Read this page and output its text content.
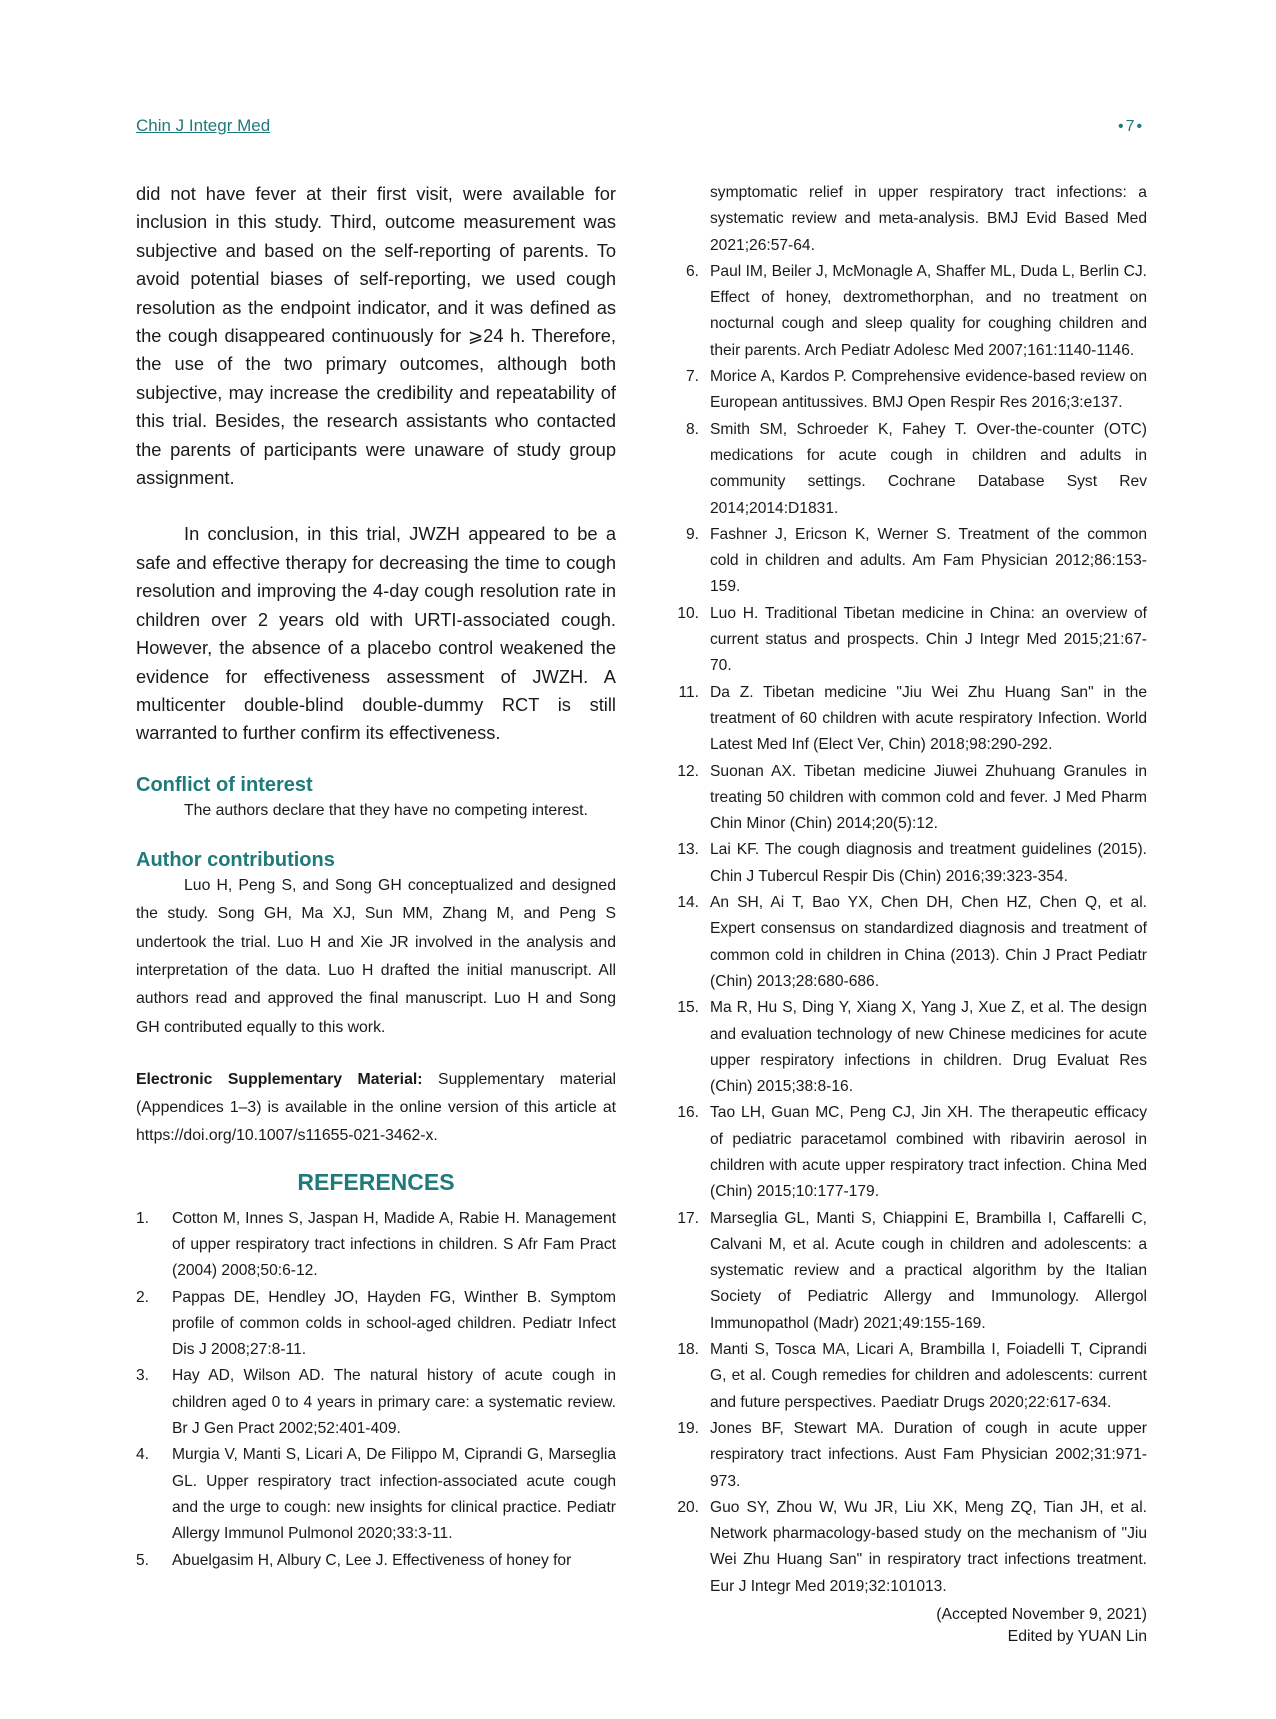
Chin J Integr Med	•7•

did not have fever at their first visit, were available for inclusion in this study. Third, outcome measurement was subjective and based on the self-reporting of parents. To avoid potential biases of self-reporting, we used cough resolution as the endpoint indicator, and it was defined as the cough disappeared continuously for ⩾24 h. Therefore, the use of the two primary outcomes, although both subjective, may increase the credibility and repeatability of this trial. Besides, the research assistants who contacted the parents of participants were unaware of study group assignment.

In conclusion, in this trial, JWZH appeared to be a safe and effective therapy for decreasing the time to cough resolution and improving the 4-day cough resolution rate in children over 2 years old with URTI-associated cough. However, the absence of a placebo control weakened the evidence for effectiveness assessment of JWZH. A multicenter double-blind double-dummy RCT is still warranted to further confirm its effectiveness.

Conflict of interest

The authors declare that they have no competing interest.

Author contributions

Luo H, Peng S, and Song GH conceptualized and designed the study. Song GH, Ma XJ, Sun MM, Zhang M, and Peng S undertook the trial. Luo H and Xie JR involved in the analysis and interpretation of the data. Luo H drafted the initial manuscript. All authors read and approved the final manuscript. Luo H and Song GH contributed equally to this work.

Electronic Supplementary Material: Supplementary material (Appendices 1–3) is available in the online version of this article at https://doi.org/10.1007/s11655-021-3462-x.

REFERENCES
1.	Cotton M, Innes S, Jaspan H, Madide A, Rabie H. Management of upper respiratory tract infections in children. S Afr Fam Pract (2004) 2008;50:6-12.
2.	Pappas DE, Hendley JO, Hayden FG, Winther B. Symptom profile of common colds in school-aged children. Pediatr Infect Dis J 2008;27:8-11.
3.	Hay AD, Wilson AD. The natural history of acute cough in children aged 0 to 4 years in primary care: a systematic review. Br J Gen Pract 2002;52:401-409.
4.	Murgia V, Manti S, Licari A, De Filippo M, Ciprandi G, Marseglia GL. Upper respiratory tract infection-associated acute cough and the urge to cough: new insights for clinical practice. Pediatr Allergy Immunol Pulmonol 2020;33:3-11.
5.	Abuelgasim H, Albury C, Lee J. Effectiveness of honey for
symptomatic relief in upper respiratory tract infections: a systematic review and meta-analysis. BMJ Evid Based Med 2021;26:57-64.
6. Paul IM, Beiler J, McMonagle A, Shaffer ML, Duda L, Berlin CJ. Effect of honey, dextromethorphan, and no treatment on nocturnal cough and sleep quality for coughing children and their parents. Arch Pediatr Adolesc Med 2007;161:1140-1146.
7. Morice A, Kardos P. Comprehensive evidence-based review on European antitussives. BMJ Open Respir Res 2016;3:e137.
8. Smith SM, Schroeder K, Fahey T. Over-the-counter (OTC) medications for acute cough in children and adults in community settings. Cochrane Database Syst Rev 2014;2014:D1831.
9. Fashner J, Ericson K, Werner S. Treatment of the common cold in children and adults. Am Fam Physician 2012;86:153-159.
10. Luo H. Traditional Tibetan medicine in China: an overview of current status and prospects. Chin J Integr Med 2015;21:67-70.
11. Da Z. Tibetan medicine "Jiu Wei Zhu Huang San" in the treatment of 60 children with acute respiratory Infection. World Latest Med Inf (Elect Ver, Chin) 2018;98:290-292.
12. Suonan AX. Tibetan medicine Jiuwei Zhuhuang Granules in treating 50 children with common cold and fever. J Med Pharm Chin Minor (Chin) 2014;20(5):12.
13. Lai KF. The cough diagnosis and treatment guidelines (2015). Chin J Tubercul Respir Dis (Chin) 2016;39:323-354.
14. An SH, Ai T, Bao YX, Chen DH, Chen HZ, Chen Q, et al. Expert consensus on standardized diagnosis and treatment of common cold in children in China (2013). Chin J Pract Pediatr (Chin) 2013;28:680-686.
15. Ma R, Hu S, Ding Y, Xiang X, Yang J, Xue Z, et al. The design and evaluation technology of new Chinese medicines for acute upper respiratory infections in children. Drug Evaluat Res (Chin) 2015;38:8-16.
16. Tao LH, Guan MC, Peng CJ, Jin XH. The therapeutic efficacy of pediatric paracetamol combined with ribavirin aerosol in children with acute upper respiratory tract infection. China Med (Chin) 2015;10:177-179.
17. Marseglia GL, Manti S, Chiappini E, Brambilla I, Caffarelli C, Calvani M, et al. Acute cough in children and adolescents: a systematic review and a practical algorithm by the Italian Society of Pediatric Allergy and Immunology. Allergol Immunopathol (Madr) 2021;49:155-169.
18. Manti S, Tosca MA, Licari A, Brambilla I, Foiadelli T, Ciprandi G, et al. Cough remedies for children and adolescents: current and future perspectives. Paediatr Drugs 2020;22:617-634.
19. Jones BF, Stewart MA. Duration of cough in acute upper respiratory tract infections. Aust Fam Physician 2002;31:971-973.
20. Guo SY, Zhou W, Wu JR, Liu XK, Meng ZQ, Tian JH, et al. Network pharmacology-based study on the mechanism of "Jiu Wei Zhu Huang San" in respiratory tract infections treatment. Eur J Integr Med 2019;32:101013.

(Accepted November 9, 2021)

Edited by YUAN Lin
